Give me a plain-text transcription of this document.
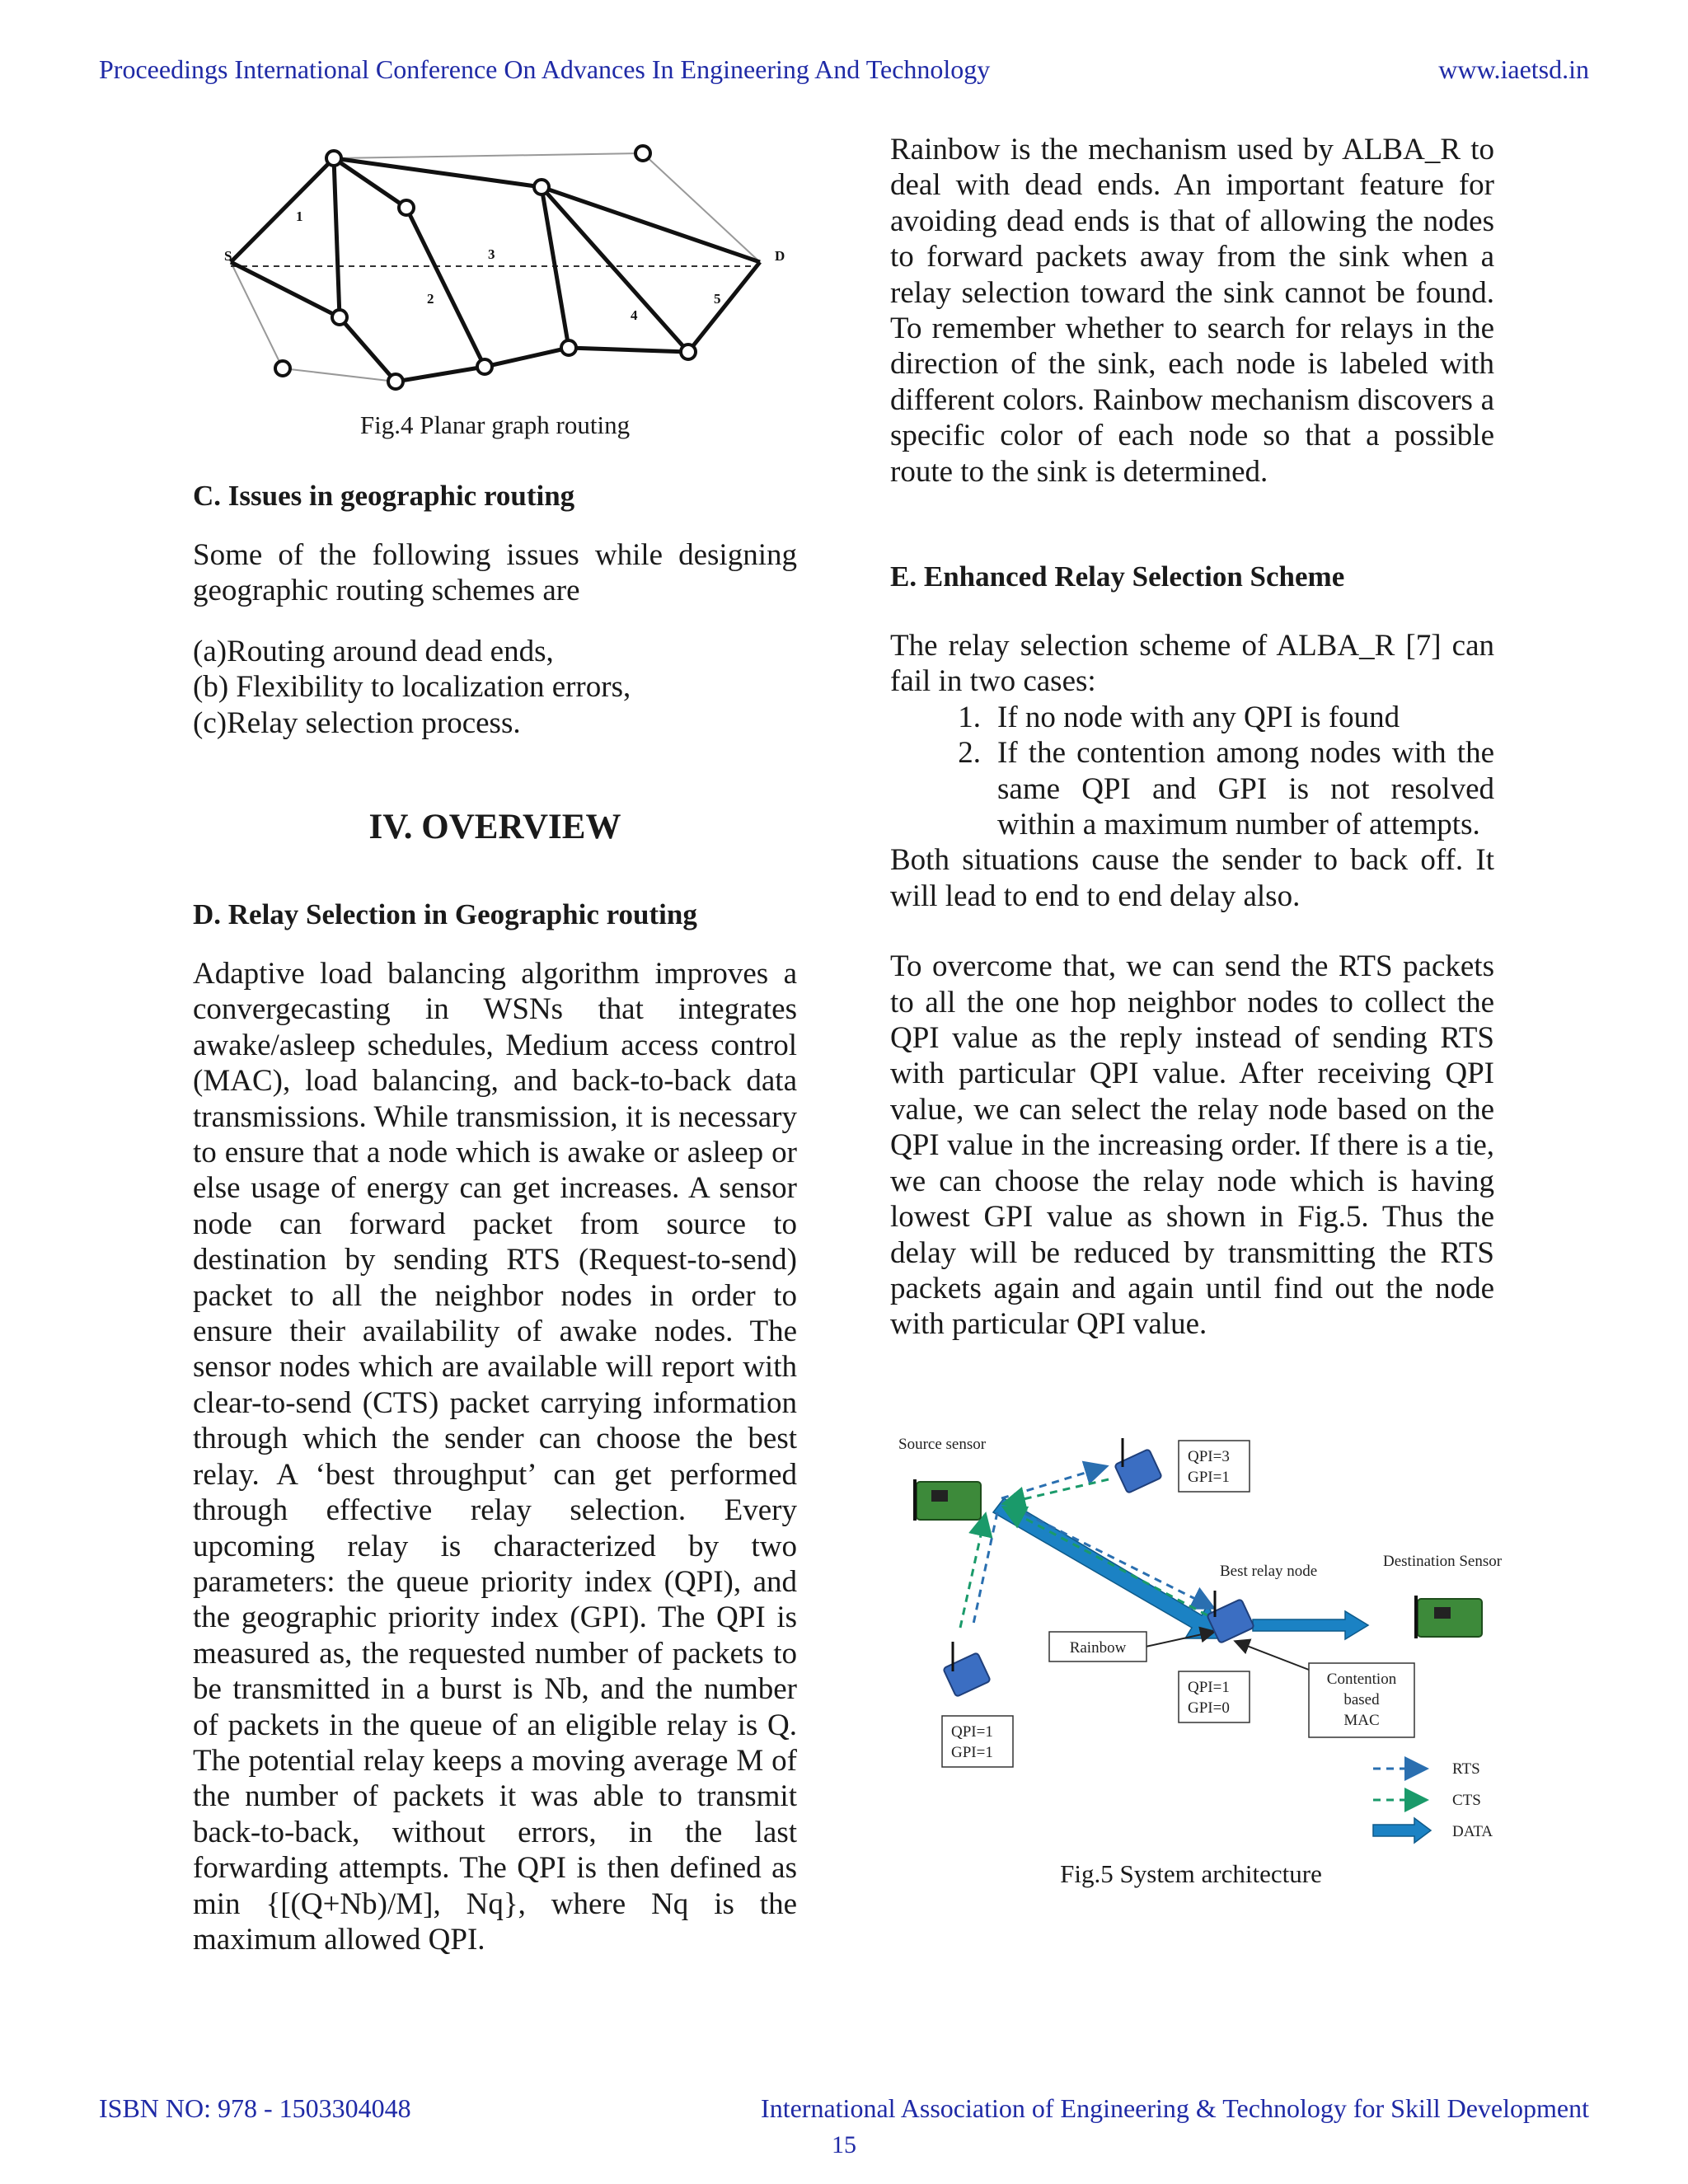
Proceedings International Conference On Advances In Engineering And Technology	www.iaetsd.in
S	D
1
2
3
4
5
Fig.4 Planar graph routing

C. Issues in geographic routing

Some of the following issues while designing geographic routing schemes are

(a)Routing around dead ends,
(b) Flexibility to localization errors,
(c)Relay selection process.
IV. OVERVIEW

D. Relay Selection in Geographic routing

Adaptive load balancing algorithm improves a convergecasting in WSNs that integrates awake/asleep schedules, Medium access control (MAC), load balancing, and back-to-back data transmissions. While transmission, it is necessary to ensure that a node which is awake or asleep or else usage of energy can get increases. A sensor node can forward packet from source to destination by sending RTS (Request-to-send) packet to all the neighbor nodes in order to ensure their availability of awake nodes. The sensor nodes which are available will report with clear-to-send (CTS) packet carrying information through which the sender can choose the best relay. A ‘best throughput’ can get performed through effective relay selection. Every upcoming relay is characterized by two parameters: the queue priority index (QPI), and the geographic priority index (GPI). The QPI is measured as, the requested number of packets to be transmitted in a burst is Nb, and the number of packets in the queue of an eligible relay is Q. The potential relay keeps a moving average M of the number of packets it was able to transmit back-to-back, without errors, in the last forwarding attempts. The QPI is then defined as min {[(Q+Nb)/M], Nq}, where Nq is the maximum allowed QPI.

Rainbow is the mechanism used by ALBA_R to deal with dead ends. An important feature for avoiding dead ends is that of allowing the nodes to forward packets away from the sink when a relay selection toward the sink cannot be found. To remember whether to search for relays in the direction of the sink, each node is labeled with different colors. Rainbow mechanism discovers a specific color of each node so that a possible route to the sink is determined.

E. Enhanced Relay Selection Scheme

The relay selection scheme of ALBA_R [7] can fail in two cases:

1. If no node with any QPI is found
2. If the contention among nodes with the same QPI and GPI is not resolved within a maximum number of attempts.

Both situations cause the sender to back off. It will lead to end to end delay also.

To overcome that, we can send the RTS packets to all the one hop neighbor nodes to collect the QPI value as the reply instead of sending RTS with particular QPI value. After receiving QPI value, we can select the relay node based on the QPI value in the increasing order. If there is a tie, we can choose the relay node which is having lowest GPI value as shown in Fig.5. Thus the delay will be reduced by transmitting the RTS packets again and again until find out the node with particular QPI value.

Source sensor
Best relay node
Destination Sensor
QPI=3
GPI=1
Rainbow
QPI=1
GPI=0
Contention
based
MAC
QPI=1
GPI=1
RTS
CTS
DATA
Fig.5 System architecture
ISBN NO: 978 - 1503304048	International Association of Engineering & Technology for Skill Development
15
